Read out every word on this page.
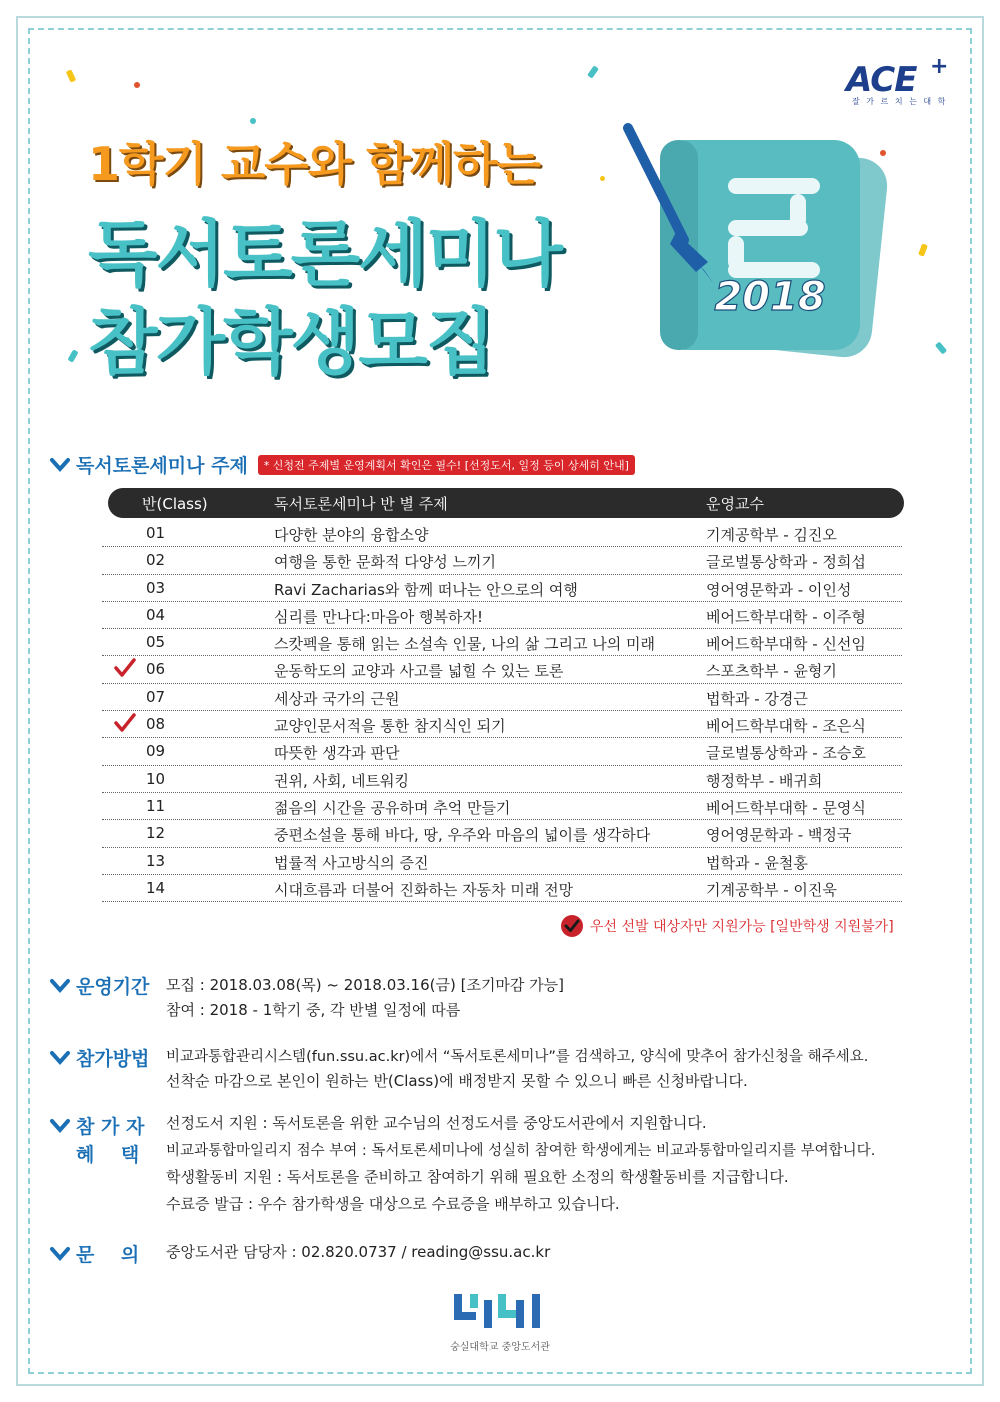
ACE +
잘 가 르 치 는 대 학
1학기 교수와 함께하는
독서토론세미나
참가학생모집
2018
독서토론세미나 주제	* 신청전 주제별 운영계획서 확인은 필수! [선정도서, 일정 등이 상세히 안내]
반(Class)	독서토론세미나 반 별 주제	운영교수
01	다양한 분야의 융합소양	기계공학부 - 김진오
02	여행을 통한 문화적 다양성 느끼기	글로벌통상학과 - 정희섭
03	Ravi Zacharias와 함께 떠나는 안으로의 여행	영어영문학과 - 이인성
04	심리를 만나다:마음아 행복하자!	베어드학부대학 - 이주형
05	스캇펙을 통해 읽는 소설속 인물, 나의 삶 그리고 나의 미래	베어드학부대학 - 신선임
06	운동학도의 교양과 사고를 넓힐 수 있는 토론	스포츠학부 - 윤형기
07	세상과 국가의 근원	법학과 - 강경근
08	교양인문서적을 통한 참지식인 되기	베어드학부대학 - 조은식
09	따뜻한 생각과 판단	글로벌통상학과 - 조승호
10	권위, 사회, 네트워킹	행정학부 - 배귀희
11	젊음의 시간을 공유하며 추억 만들기	베어드학부대학 - 문영식
12	중편소설을 통해 바다, 땅, 우주와 마음의 넓이를 생각하다	영어영문학과 - 백정국
13	법률적 사고방식의 증진	법학과 - 윤철홍
14	시대흐름과 더불어 진화하는 자동차 미래 전망	기계공학부 - 이진욱
우선 선발 대상자만 지원가능 [일반학생 지원불가]
운영기간 모집 : 2018.03.08(목) ~ 2018.03.16(금) [조기마감 가능]
참여 : 2018 - 1학기 중, 각 반별 일정에 따름
참가방법 비교과통합관리시스템(fun.ssu.ac.kr)에서 “독서토론세미나”를 검색하고, 양식에 맞추어 참가신청을 해주세요.
선착순 마감으로 본인이 원하는 반(Class)에 배정받지 못할 수 있으니 빠른 신청바랍니다.
참 가 자
혜    택
선정도서 지원 : 독서토론을 위한 교수님의 선정도서를 중앙도서관에서 지원합니다.
비교과통합마일리지 점수 부여 : 독서토론세미나에 성실히 참여한 학생에게는 비교과통합마일리지를 부여합니다.
학생활동비 지원 : 독서토론을 준비하고 참여하기 위해 필요한 소정의 학생활동비를 지급합니다.
수료증 발급 : 우수 참가학생을 대상으로 수료증을 배부하고 있습니다.
문    의 중앙도서관 담당자 : 02.820.0737 / reading@ssu.ac.kr
숭실대학교 중앙도서관
